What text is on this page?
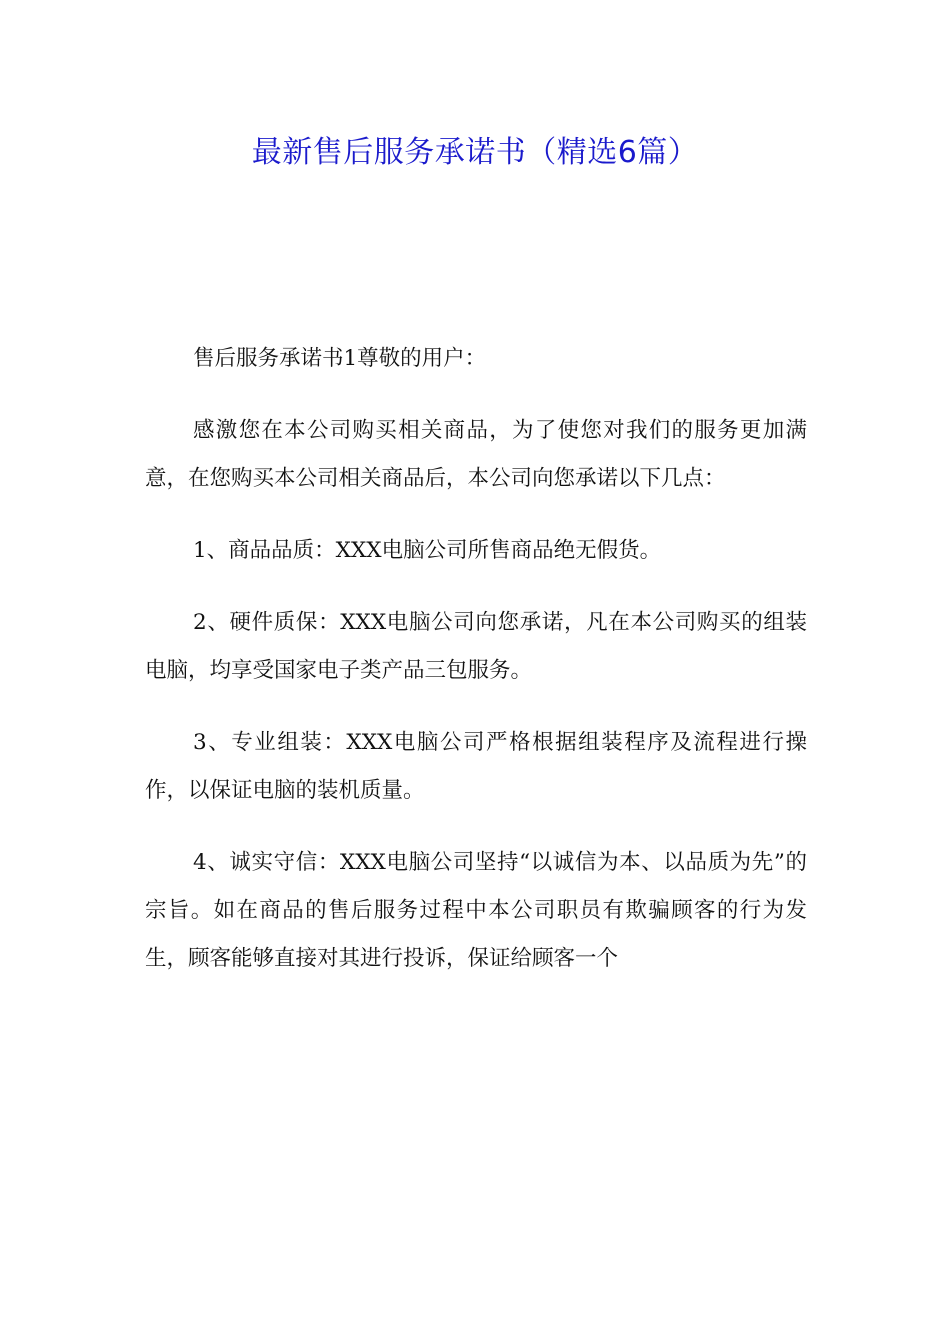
最新售后服务承诺书（精选6篇）

售后服务承诺书1尊敬的用户：

感激您在本公司购买相关商品，为了使您对我们的服务更加满意，在您购买本公司相关商品后，本公司向您承诺以下几点：

1、商品品质：XXX电脑公司所售商品绝无假货。

2、硬件质保：XXX电脑公司向您承诺，凡在本公司购买的组装电脑，均享受国家电子类产品三包服务。

3、专业组装：XXX电脑公司严格根据组装程序及流程进行操作，以保证电脑的装机质量。

4、诚实守信：XXX电脑公司坚持“以诚信为本、以品质为先”的宗旨。如在商品的售后服务过程中本公司职员有欺骗顾客的行为发生，顾客能够直接对其进行投诉，保证给顾客一个
